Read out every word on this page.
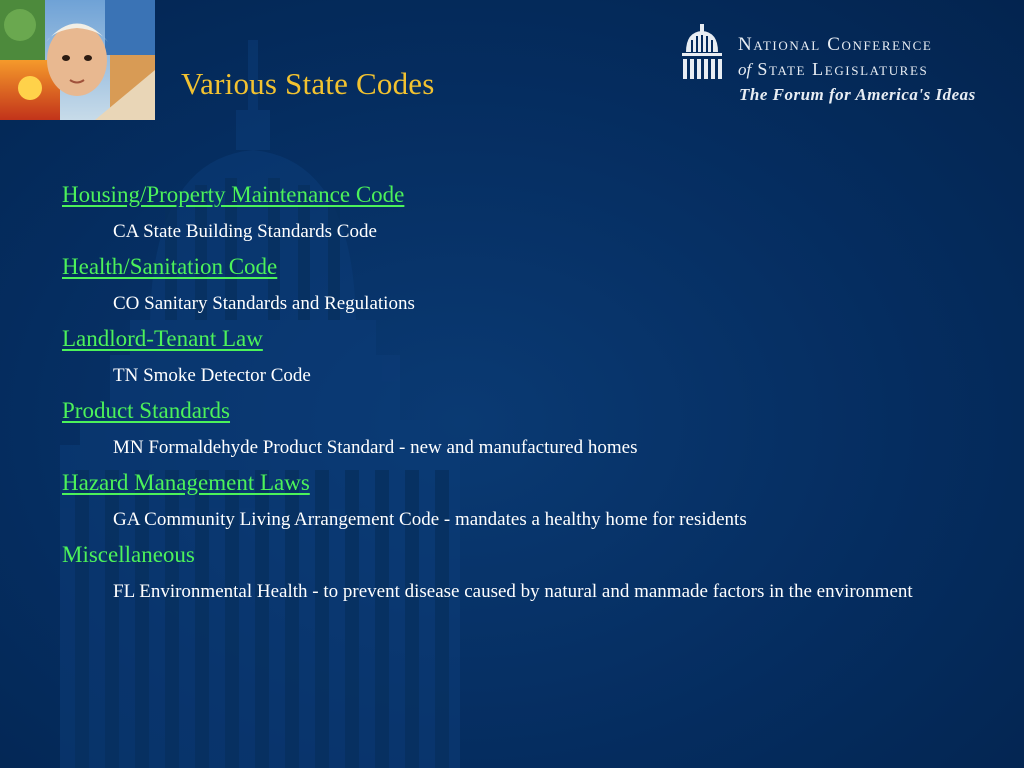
Various State Codes
National Conference
of State Legislatures
The Forum for America's Ideas
Housing/Property Maintenance Code

CA State Building Standards Code

Health/Sanitation Code

CO Sanitary Standards and Regulations

Landlord-Tenant Law

TN Smoke Detector Code

Product Standards

MN Formaldehyde Product Standard - new and manufactured homes

Hazard Management Laws

GA Community Living Arrangement Code - mandates a healthy home for residents

Miscellaneous

FL Environmental Health - to prevent disease caused by natural and manmade factors in the environment
